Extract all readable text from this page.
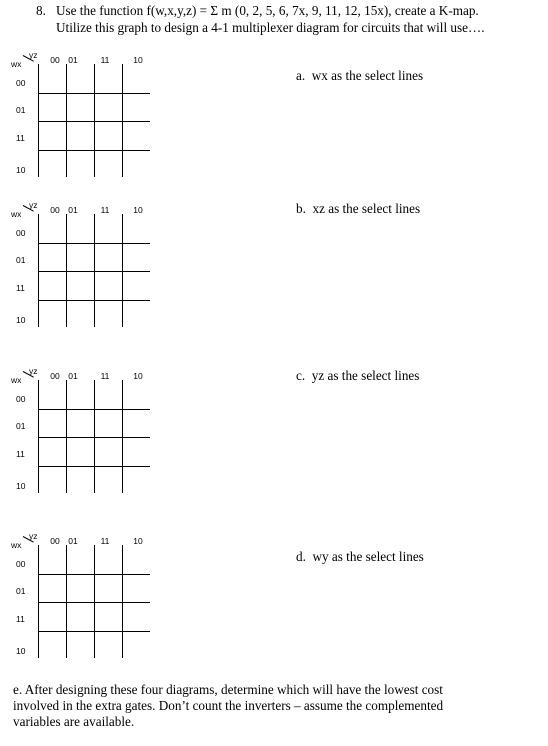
8. Use the function f(w,x,y,z) = Σ m (0, 2, 5, 6, 7x, 9, 11, 12, 15x), create a K-map.
Utilize this graph to design a 4-1 multiplexer diagram for circuits that will use….
yz
wx	00	01	11	10
00
01
11
10
yz
wx	00	01	11	10
00
01
11
10
yz
wx	00	01	11	10
00
01
11
10
yz
wx	00	01	11	10
00
01
11
10
a. wx as the select lines
b. xz as the select lines
c. yz as the select lines
d. wy as the select lines
e. After designing these four diagrams, determine which will have the lowest cost
involved in the extra gates. Don’t count the inverters – assume the complemented
variables are available.
